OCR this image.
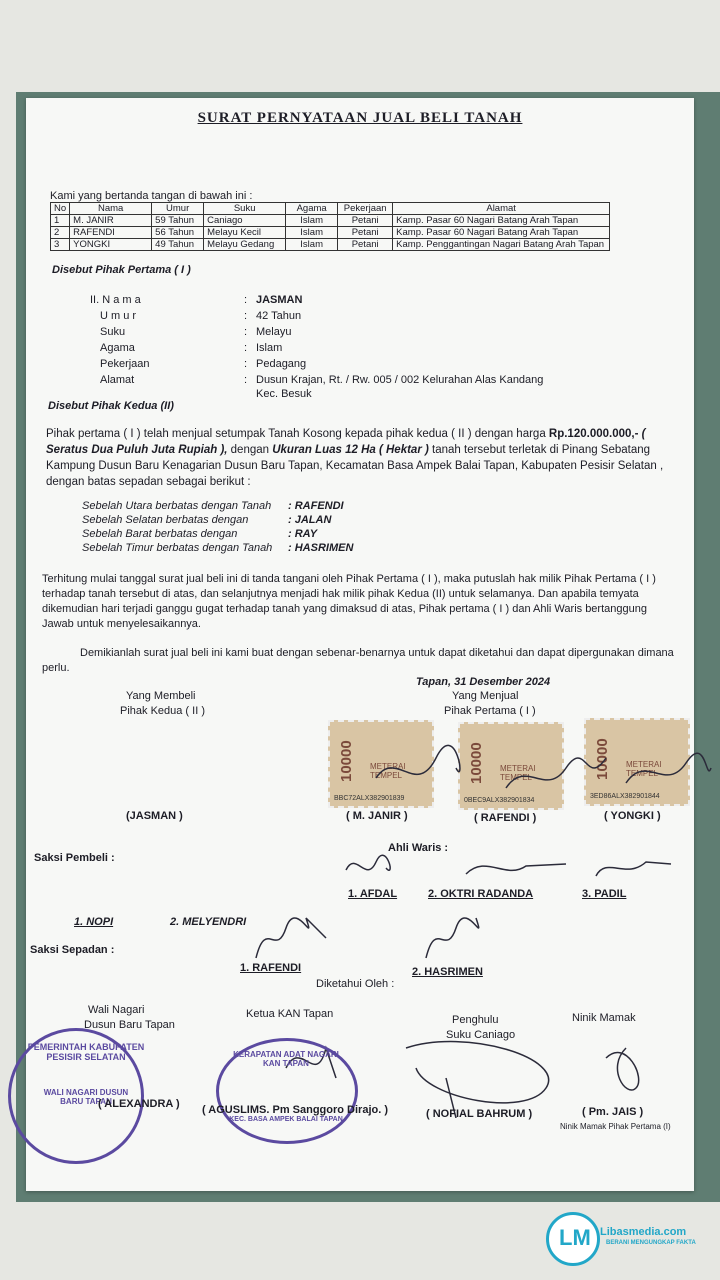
SURAT PERNYATAAN JUAL BELI TANAH
Kami yang bertanda tangan di bawah ini :
No	Nama	Umur	Suku	Agama	Pekerjaan	Alamat
1	M. JANIR	59 Tahun	Caniago	Islam	Petani	Kamp. Pasar 60 Nagari Batang Arah Tapan
2	RAFENDI	56 Tahun	Melayu Kecil	Islam	Petani	Kamp. Pasar 60 Nagari Batang Arah Tapan
3	YONGKI	49 Tahun	Melayu Gedang	Islam	Petani	Kamp. Penggantingan Nagari Batang Arah Tapan
Disebut Pihak Pertama ( I )
II. N a m a	: JASMAN
U m u r	: 42 Tahun
Suku	: Melayu
Agama	: Islam
Pekerjaan	: Pedagang
Alamat	: Dusun Krajan, Rt. / Rw. 005 / 002 Kelurahan Alas Kandang
Kec. Besuk
Disebut Pihak Kedua (II)
Pihak pertama ( I ) telah menjual setumpak Tanah Kosong kepada pihak kedua ( II ) dengan harga Rp.120.000.000,- ( Seratus Dua Puluh Juta Rupiah ), dengan Ukuran Luas 12 Ha ( Hektar ) tanah tersebut terletak di Pinang Sebatang Kampung Dusun Baru Kenagarian Dusun Baru Tapan, Kecamatan Basa Ampek Balai Tapan, Kabupaten Pesisir Selatan , dengan batas sepadan sebagai berikut :
Sebelah Utara berbatas dengan Tanah : RAFENDI
Sebelah Selatan berbatas dengan	: JALAN
Sebelah Barat berbatas dengan	: RAY
Sebelah Timur berbatas dengan Tanah : HASRIMEN
Terhitung mulai tanggal surat jual beli ini di tanda tangani oleh Pihak Pertama ( I ), maka putuslah hak milik Pihak Pertama ( I ) terhadap tanah tersebut di atas, dan selanjutnya menjadi hak milik pihak Kedua (II) untuk selamanya. Dan apabila temyata dikemudian hari terjadi ganggu gugat terhadap tanah yang dimaksud di atas, Pihak pertama ( I ) dan Ahli Waris bertanggung Jawab untuk menyelesaikannya.
Demikianlah surat jual beli ini kami buat dengan sebenar-benarnya untuk dapat diketahui dan dapat dipergunakan dimana perlu.
Tapan, 31 Desember 2024
Yang Membeli
Pihak Kedua ( II )
Yang Menjual
Pihak Pertama ( I )
10000 METERAI TEMPEL
BBC72ALX382901839
10000 METERAI TEMPEL
0BEC9ALX382901834
10000 METERAI TEMPEL
3ED86ALX382901844
(JASMAN )	( M. JANIR )	( RAFENDI )	( YONGKI )
Ahli Waris :
Saksi Pembeli :
1. AFDAL	2. OKTRI RADANDA	3. PADIL
1. NOPI	2. MELYENDRI
Saksi Sepadan :
1. RAFENDI	2. HASRIMEN
Diketahui Oleh :
Wali Nagari
Dusun Baru Tapan
Ketua KAN Tapan	Penghulu
Suku Caniago
Ninik Mamak
PEMERINTAH KABUPATEN PESISIR SELATAN
WALI NAGARI DUSUN BARU TAPAN
KERAPATAN ADAT NAGARI KAN TAPAN
KEC. BASA AMPEK BALAI TAPAN
( ALEXANDRA ) ( AGUSLIMS. Pm Sanggoro Dirajo. )	( NOFIAL BAHRUM )	( Pm. JAIS )
Ninik Mamak Pihak Pertama (I)
LM Libasmedia.com
BERANI MENGUNGKAP FAKTA
